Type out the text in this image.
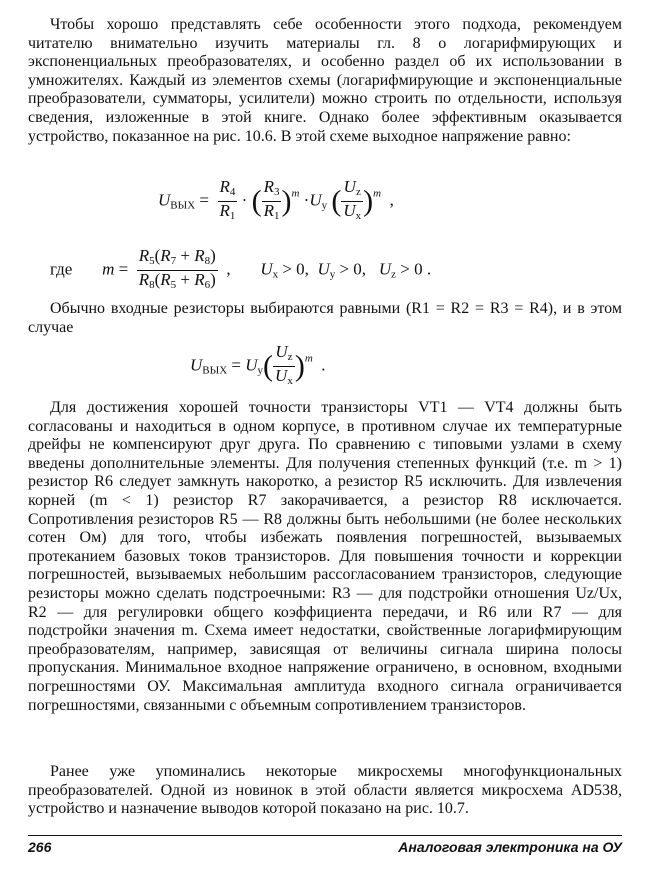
Чтобы хорошо представлять себе особенности этого подхода, рекомендуем читателю внимательно изучить материалы гл. 8 о логарифмирующих и экспоненциальных преобразователях, и особенно раздел об их использовании в умножителях. Каждый из элементов схемы (логарифмирующие и экспоненциальные преобразователи, сумматоры, усилители) можно строить по отдельности, используя сведения, изложенные в этой книге. Однако более эффективным оказывается устройство, показанное на рис. 10.6. В этой схеме выходное напряжение равно:

$U_{ВЫХ} = \frac{R_4}{R_1}$ · ( $\frac{R_3}{R_1} )^m \cdot U_y$ ( $\frac{U_z}{U_x} )^m$  ,
где $m = \frac{R_5(R_7 + R_8)}{R_8(R_5 + R_6)}$ ,       $U_x > 0$,  $U_y > 0$,   $U_z > 0$ .

Обычно входные резисторы выбираются равными (R1 = R2 = R3 = R4), и в этом случае

$U_{ВЫХ} = U_y( \frac{U_z}{U_x} )^m$  .

Для достижения хорошей точности транзисторы VT1 — VT4 должны быть согласованы и находиться в одном корпусе, в противном случае их температурные дрейфы не компенсируют друг друга. По сравнению с типовыми узлами в схему введены дополнительные элементы. Для получения степенных функций (т.е. m > 1) резистор R6 следует замкнуть накоротко, а резистор R5 исключить. Для извлечения корней (m < 1) резистор R7 закорачивается, а резистор R8 исключается. Сопротивления резисторов R5 — R8 должны быть небольшими (не более нескольких сотен Ом) для того, чтобы избежать появления погрешностей, вызываемых протеканием базовых токов транзисторов. Для повышения точности и коррекции погрешностей, вызываемых небольшим рассогласованием транзисторов, следующие резисторы можно сделать подстроечными: R3 — для подстройки отношения Uz/Ux, R2 — для регулировки общего коэффициента передачи, и R6 или R7 — для подстройки значения m. Схема имеет недостатки, свойственные логарифмирующим преобразователям, например, зависящая от величины сигнала ширина полосы пропускания. Минимальное входное напряжение ограничено, в основном, входными погрешностями ОУ. Максимальная амплитуда входного сигнала ограничивается погрешностями, связанными с объемным сопротивлением транзисторов.

Ранее уже упоминались некоторые микросхемы многофункциональных преобразователей. Одной из новинок в этой области является микросхема AD538, устройство и назначение выводов которой показано на рис. 10.7.

266	Аналоговая электроника на ОУ
